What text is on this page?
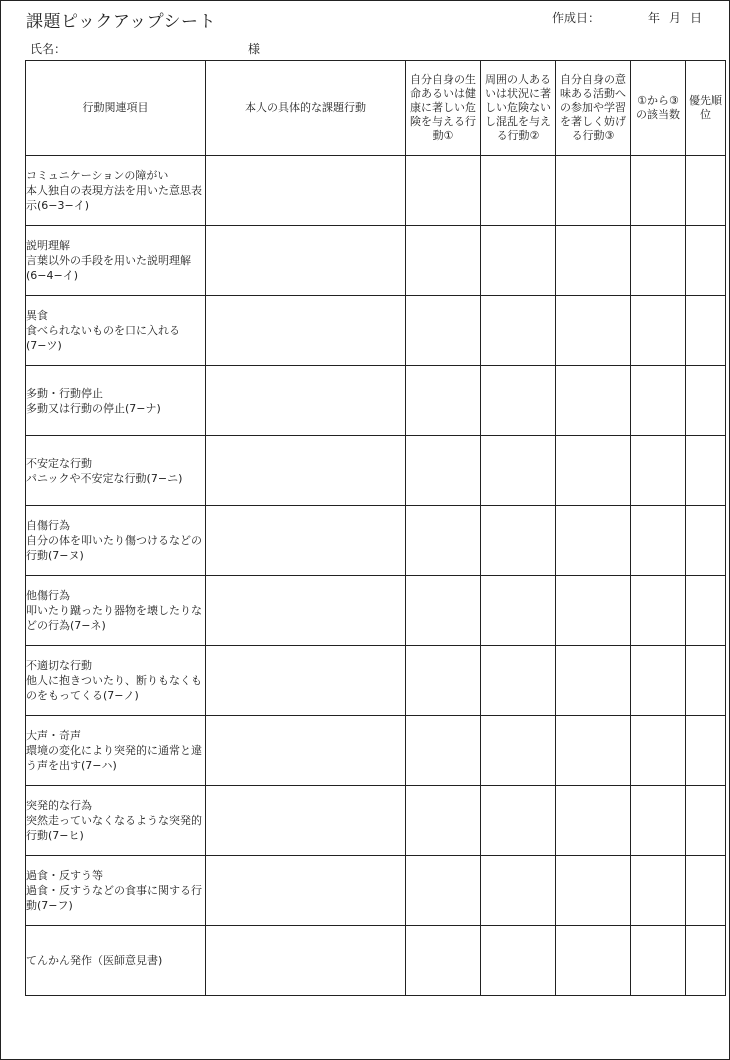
課題ピックアップシート	作成日：	年 月 日
氏名：	様
行動関連項目	本人の具体的な課題行動	自分自身の生命あるいは健康に著しい危険を与える行動①	周囲の人あるいは状況に著しい危険ないし混乱を与える行動②	自分自身の意味ある活動への参加や学習を著しく妨げる行動③	①から③の該当数	優先順位

コミュニケーションの障がい
本人独自の表現方法を用いた意思表示(6−3−イ)						

説明理解
言葉以外の手段を用いた説明理解(6−4−イ)						

異食
食べられないものを口に入れる(7−ツ)						

多動・行動停止
多動又は行動の停止(7−ナ)						

不安定な行動
パニックや不安定な行動(7−ニ)						

自傷行為
自分の体を叩いたり傷つけるなどの行動(7−ヌ)						

他傷行為
叩いたり蹴ったり器物を壊したりなどの行為(7−ネ)						

不適切な行動
他人に抱きついたり、断りもなくものをもってくる(7−ノ)						

大声・奇声
環境の変化により突発的に通常と違う声を出す(7−ハ)						

突発的な行為
突然走っていなくなるような突発的行動(7−ヒ)						

過食・反すう等
過食・反すうなどの食事に関する行動(7−フ)						

てんかん発作（医師意見書)						
